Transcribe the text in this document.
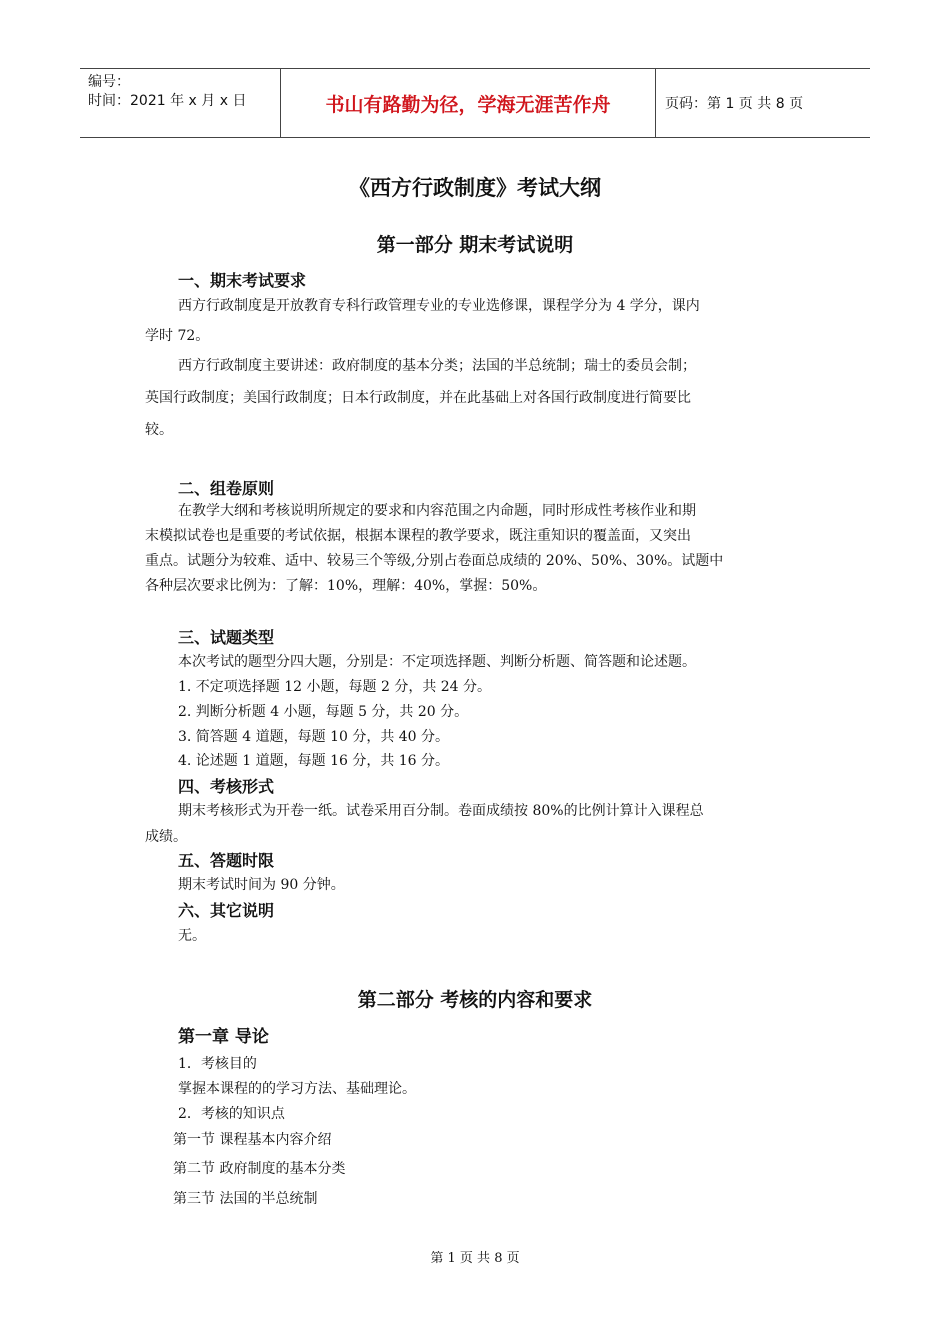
编号：
时间：2021 年 x 月 x 日	书山有路勤为径，学海无涯苦作舟	页码：第 1 页 共 8 页
《西方行政制度》考试大纲
第一部分 期末考试说明
一、期末考试要求
西方行政制度是开放教育专科行政管理专业的专业选修课，课程学分为 4 学分，课内
学时 72。
西方行政制度主要讲述：政府制度的基本分类；法国的半总统制；瑞士的委员会制；
英国行政制度；美国行政制度；日本行政制度，并在此基础上对各国行政制度进行简要比
较。
二、组卷原则
在教学大纲和考核说明所规定的要求和内容范围之内命题，同时形成性考核作业和期
末模拟试卷也是重要的考试依据，根据本课程的教学要求，既注重知识的覆盖面，又突出
重点。试题分为较难、适中、较易三个等级,分别占卷面总成绩的 20%、50%、30%。试题中
各种层次要求比例为：了解：10%，理解：40%，掌握：50%。
三、试题类型
本次考试的题型分四大题，分别是：不定项选择题、判断分析题、简答题和论述题。
1. 不定项选择题 12 小题，每题 2 分，共 24 分。
2. 判断分析题 4 小题，每题 5 分，共 20 分。
3. 简答题 4 道题，每题 10 分，共 40 分。
4. 论述题 1 道题，每题 16 分，共 16 分。
四、考核形式
期末考核形式为开卷一纸。试卷采用百分制。卷面成绩按 80%的比例计算计入课程总
成绩。
五、答题时限
期末考试时间为 90 分钟。
六、其它说明
无。
第二部分 考核的内容和要求
第一章 导论
1．考核目的
掌握本课程的的学习方法、基础理论。
2．考核的知识点
第一节 课程基本内容介绍
第二节 政府制度的基本分类
第三节 法国的半总统制
第 1 页 共 8 页
